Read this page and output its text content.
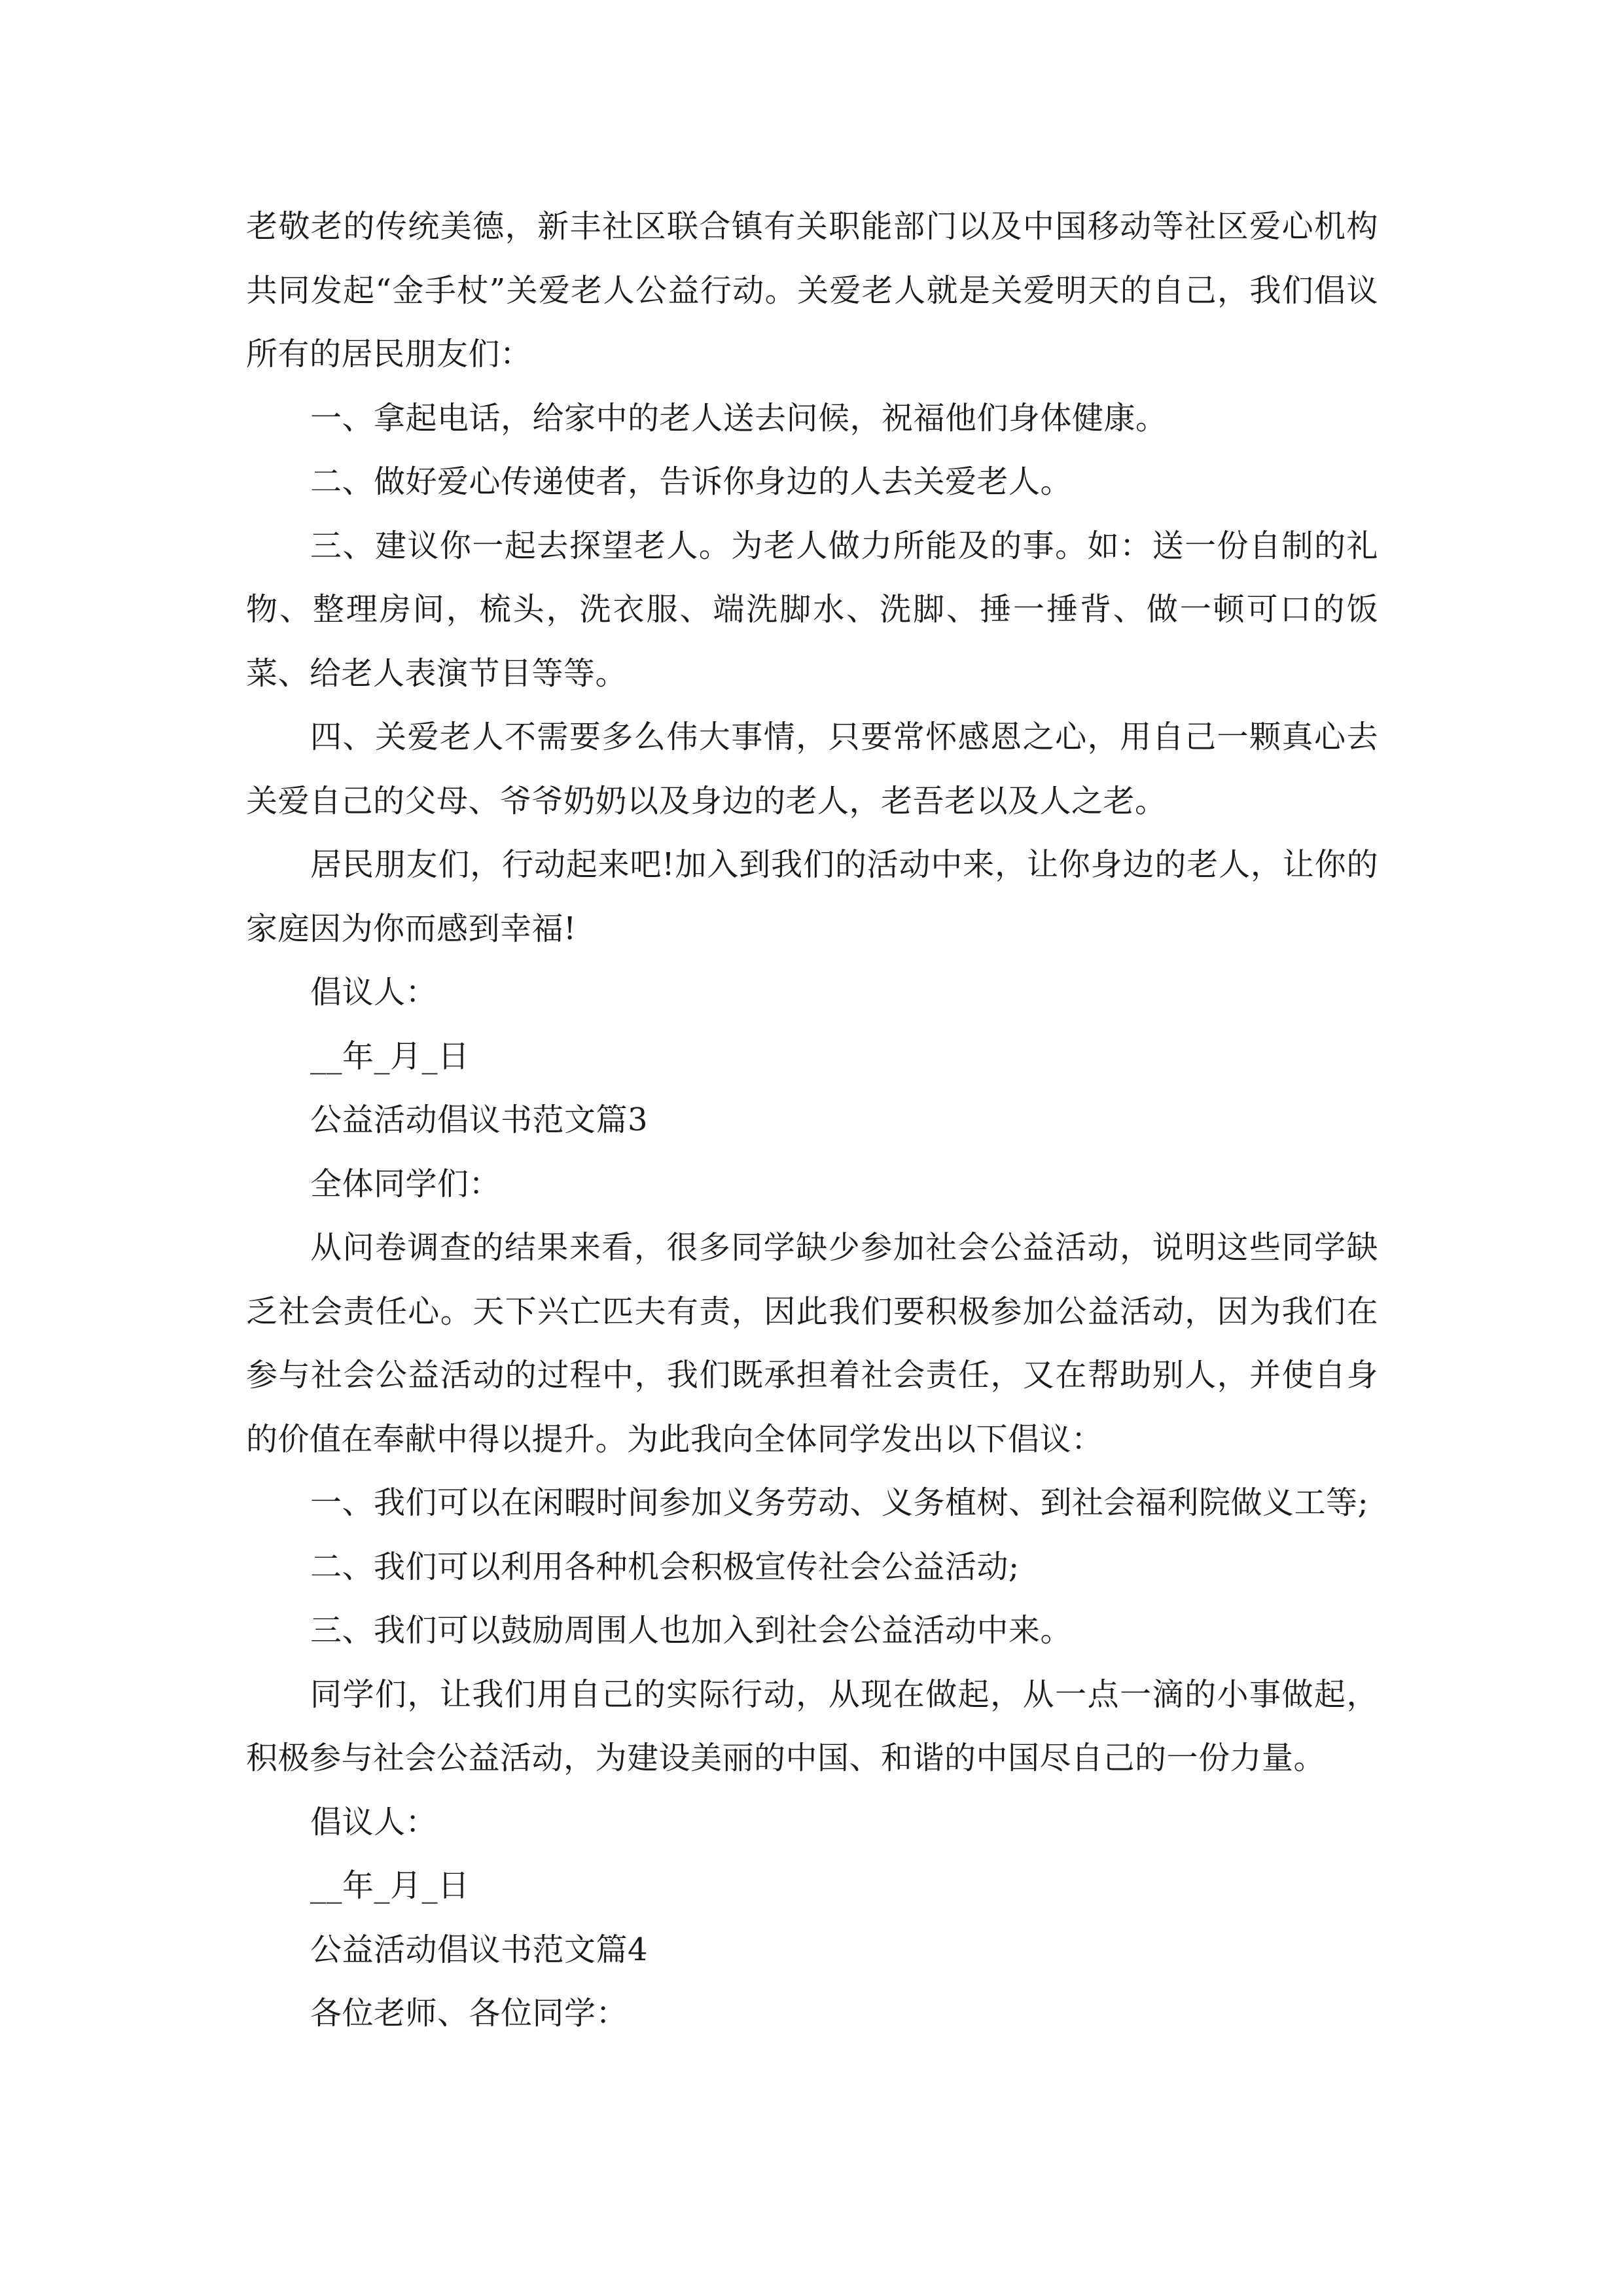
老敬老的传统美德，新丰社区联合镇有关职能部门以及中国移动等社区爱心机构共同发起“金手杖”关爱老人公益行动。关爱老人就是关爱明天的自己，我们倡议所有的居民朋友们：

一、拿起电话，给家中的老人送去问候，祝福他们身体健康。

二、做好爱心传递使者，告诉你身边的人去关爱老人。

三、建议你一起去探望老人。为老人做力所能及的事。如：送一份自制的礼物、整理房间，梳头，洗衣服、端洗脚水、洗脚、捶一捶背、做一顿可口的饭菜、给老人表演节目等等。

四、关爱老人不需要多么伟大事情，只要常怀感恩之心，用自己一颗真心去关爱自己的父母、爷爷奶奶以及身边的老人，老吾老以及人之老。

居民朋友们，行动起来吧!加入到我们的活动中来，让你身边的老人，让你的家庭因为你而感到幸福!

倡议人：

__年_月_日

公益活动倡议书范文篇3

全体同学们：

从问卷调查的结果来看，很多同学缺少参加社会公益活动，说明这些同学缺乏社会责任心。天下兴亡匹夫有责，因此我们要积极参加公益活动，因为我们在参与社会公益活动的过程中，我们既承担着社会责任，又在帮助别人，并使自身的价值在奉献中得以提升。为此我向全体同学发出以下倡议：

一、我们可以在闲暇时间参加义务劳动、义务植树、到社会福利院做义工等;

二、我们可以利用各种机会积极宣传社会公益活动;

三、我们可以鼓励周围人也加入到社会公益活动中来。

同学们，让我们用自己的实际行动，从现在做起，从一点一滴的小事做起，积极参与社会公益活动，为建设美丽的中国、和谐的中国尽自己的一份力量。

倡议人：

__年_月_日

公益活动倡议书范文篇4

各位老师、各位同学：
